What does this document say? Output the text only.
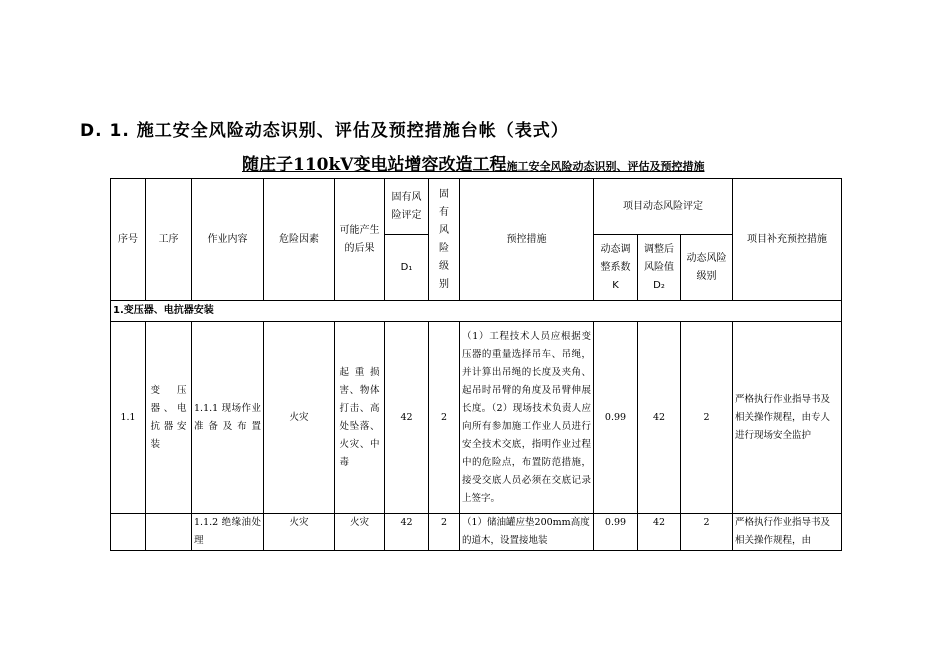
D. 1. 施工安全风险动态识别、评估及预控措施台帐（表式）
随庄子110kV变电站增容改造工程施工安全风险动态识别、评估及预控措施
序号	工序	作业内容	危险因素	可能产生的后果	固有风险评定	固有风险级别	预控措施	项目动态风险评定			项目补充预控措施
					D₁			动态调整系数K	调整后风险值D₂	动态风险级别	

1.变压器、电抗器安装											
1.1	变压器、电抗器安装	1.1.1 现场作业准备及布置	火灾	起重损害、物体打击、高处坠落、火灾、中毒	42	2	（1）工程技术人员应根据变压器的重量选择吊车、吊绳，并计算出吊绳的长度及夹角、起吊时吊臂的角度及吊臂伸展长度。（2）现场技术负责人应向所有参加施工作业人员进行安全技术交底，指明作业过程中的危险点，布置防范措施，接受交底人员必须在交底记录上签字。	0.99	42	2	严格执行作业指导书及相关操作规程，由专人进行现场安全监护

		1.1.2 绝缘油处理	火灾	火灾	42	2	（1）储油罐应垫200mm高度的道木，设置接地装	0.99	42	2	严格执行作业指导书及相关操作规程，由
